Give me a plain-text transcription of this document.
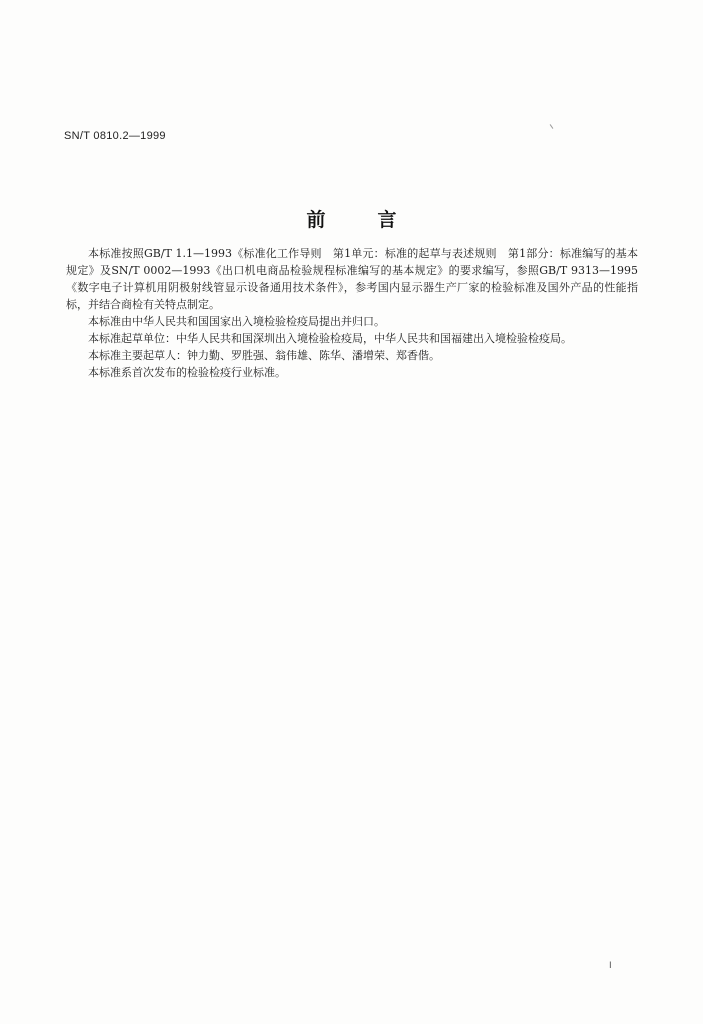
SN/T 0810.2—1999
前言

本标准按照GB/T 1.1—1993《标准化工作导则　第1单元：标准的起草与表述规则　第1部分：标准编写的基本规定》及SN/T 0002—1993《出口机电商品检验规程标准编写的基本规定》的要求编写，参照GB/T 9313—1995《数字电子计算机用阴极射线管显示设备通用技术条件》，参考国内显示器生产厂家的检验标准及国外产品的性能指标，并结合商检有关特点制定。

本标准由中华人民共和国国家出入境检验检疫局提出并归口。

本标准起草单位：中华人民共和国深圳出入境检验检疫局，中华人民共和国福建出入境检验检疫局。

本标准主要起草人：钟力勤、罗胜强、翁伟雄、陈华、潘增荣、郑香偕。

本标准系首次发布的检验检疫行业标准。

I
